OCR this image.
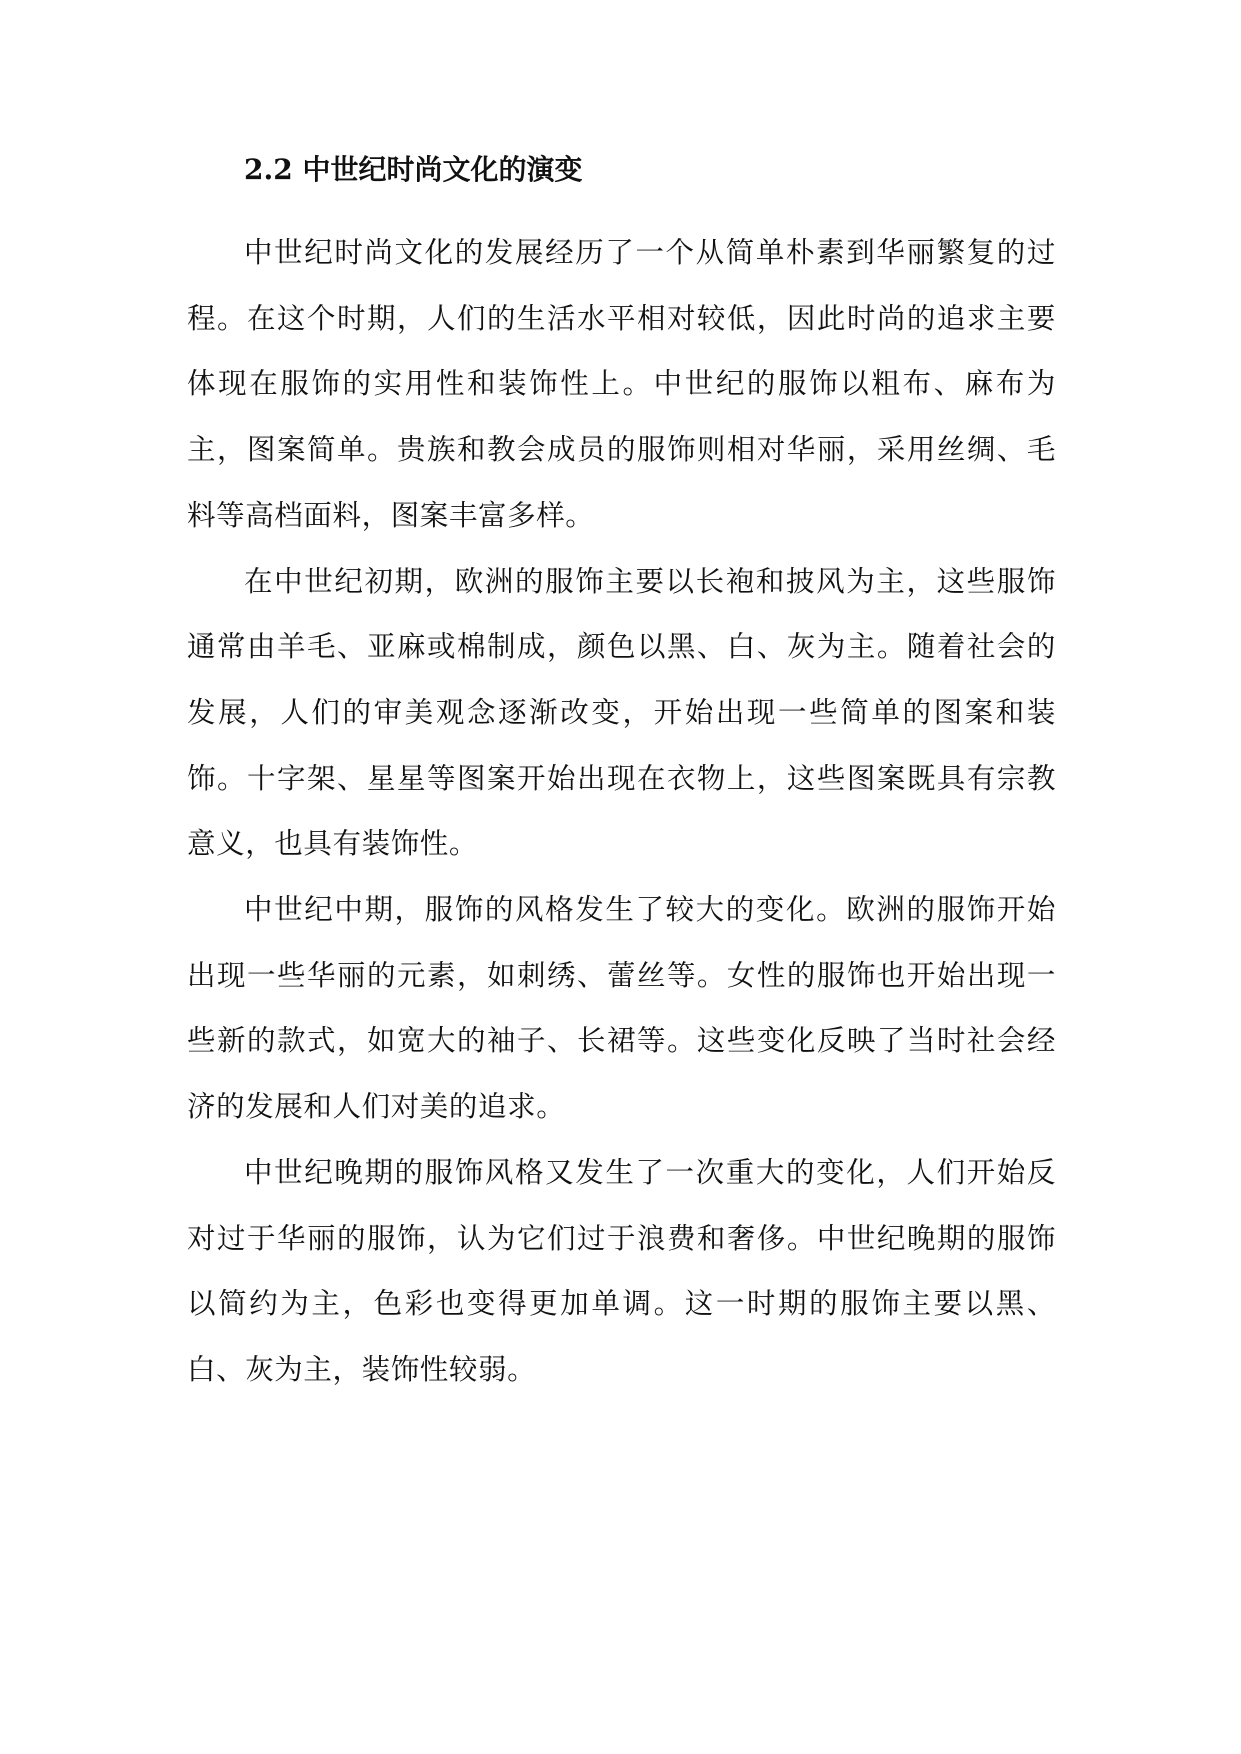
2.2 中世纪时尚文化的演变

中世纪时尚文化的发展经历了一个从简单朴素到华丽繁复的过程。在这个时期，人们的生活水平相对较低，因此时尚的追求主要体现在服饰的实用性和装饰性上。中世纪的服饰以粗布、麻布为主，图案简单。贵族和教会成员的服饰则相对华丽，采用丝绸、毛料等高档面料，图案丰富多样。

在中世纪初期，欧洲的服饰主要以长袍和披风为主，这些服饰通常由羊毛、亚麻或棉制成，颜色以黑、白、灰为主。随着社会的发展，人们的审美观念逐渐改变，开始出现一些简单的图案和装饰。十字架、星星等图案开始出现在衣物上，这些图案既具有宗教意义，也具有装饰性。

中世纪中期，服饰的风格发生了较大的变化。欧洲的服饰开始出现一些华丽的元素，如刺绣、蕾丝等。女性的服饰也开始出现一些新的款式，如宽大的袖子、长裙等。这些变化反映了当时社会经济的发展和人们对美的追求。

中世纪晚期的服饰风格又发生了一次重大的变化，人们开始反对过于华丽的服饰，认为它们过于浪费和奢侈。中世纪晚期的服饰以简约为主，色彩也变得更加单调。这一时期的服饰主要以黑、白、灰为主，装饰性较弱。
